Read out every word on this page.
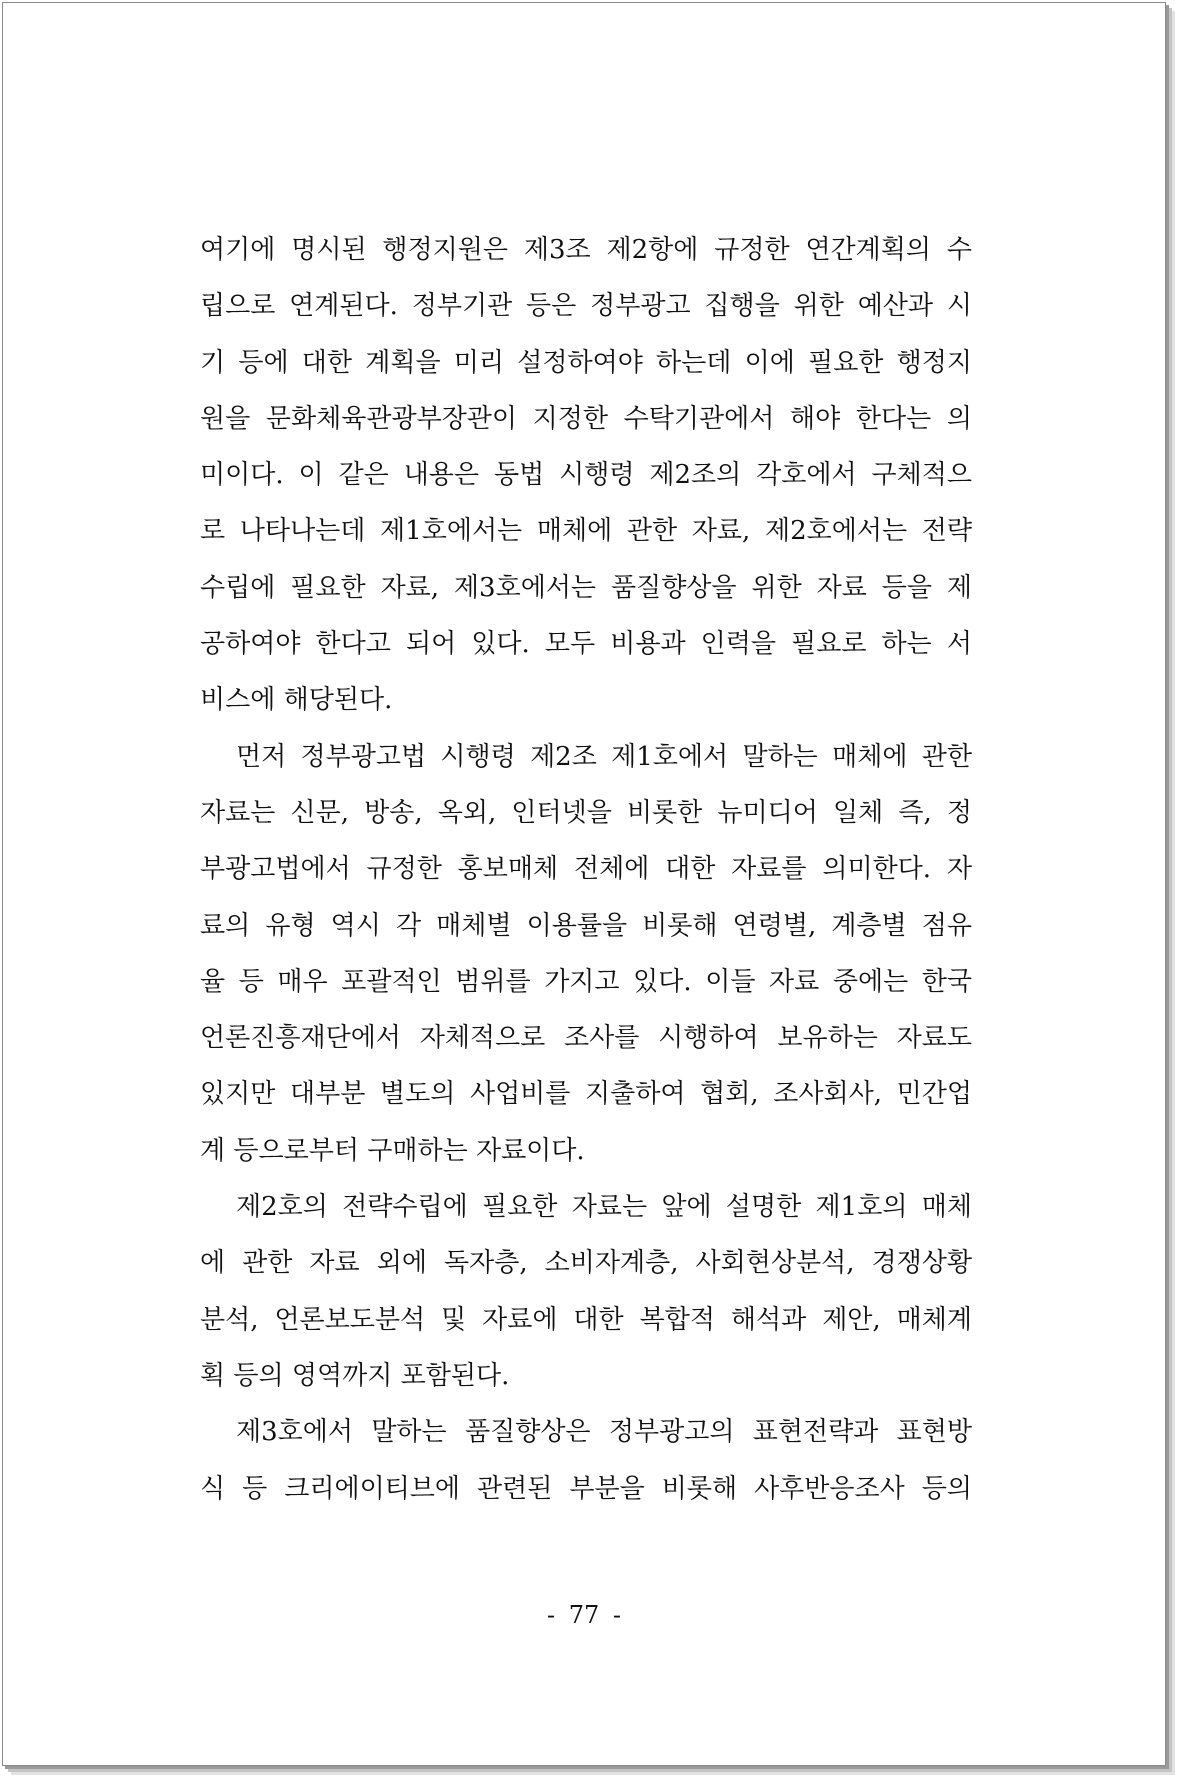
여기에 명시된 행정지원은 제3조 제2항에 규정한 연간계획의 수
립으로 연계된다. 정부기관 등은 정부광고 집행을 위한 예산과 시
기 등에 대한 계획을 미리 설정하여야 하는데 이에 필요한 행정지
원을 문화체육관광부장관이 지정한 수탁기관에서 해야 한다는 의
미이다. 이 같은 내용은 동법 시행령 제2조의 각호에서 구체적으
로 나타나는데 제1호에서는 매체에 관한 자료, 제2호에서는 전략
수립에 필요한 자료, 제3호에서는 품질향상을 위한 자료 등을 제
공하여야 한다고 되어 있다. 모두 비용과 인력을 필요로 하는 서
비스에 해당된다.
먼저 정부광고법 시행령 제2조 제1호에서 말하는 매체에 관한
자료는 신문, 방송, 옥외, 인터넷을 비롯한 뉴미디어 일체 즉, 정
부광고법에서 규정한 홍보매체 전체에 대한 자료를 의미한다. 자
료의 유형 역시 각 매체별 이용률을 비롯해 연령별, 계층별 점유
율 등 매우 포괄적인 범위를 가지고 있다. 이들 자료 중에는 한국
언론진흥재단에서 자체적으로 조사를 시행하여 보유하는 자료도
있지만 대부분 별도의 사업비를 지출하여 협회, 조사회사, 민간업
계 등으로부터 구매하는 자료이다.
제2호의 전략수립에 필요한 자료는 앞에 설명한 제1호의 매체
에 관한 자료 외에 독자층, 소비자계층, 사회현상분석, 경쟁상황
분석, 언론보도분석 및 자료에 대한 복합적 해석과 제안, 매체계
획 등의 영역까지 포함된다.
제3호에서 말하는 품질향상은 정부광고의 표현전략과 표현방
식 등 크리에이티브에 관련된 부분을 비롯해 사후반응조사 등의
- 77 -
